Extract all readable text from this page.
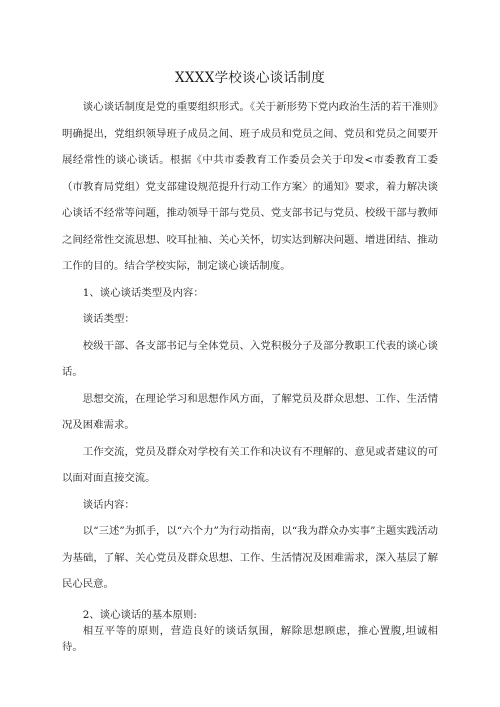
XXXX学校谈心谈话制度

谈心谈话制度是党的重要组织形式。《关于新形势下党内政治生活的若干准则》明确提出，党组织领导班子成员之间、班子成员和党员之间、党员和党员之间要开展经常性的谈心谈话。根据《中共市委教育工作委员会关于印发<市委教育工委（市教育局党组）党支部建设规范提升行动工作方案〉的通知》要求，着力解决谈心谈话不经常等问题，推动领导干部与党员、党支部书记与党员、校级干部与教师之间经常性交流思想、咬耳扯袖、关心关怀，切实达到解决问题、增进团结、推动工作的目的。结合学校实际，制定谈心谈话制度。

1、谈心谈话类型及内容：

谈话类型：

校级干部、各支部书记与全体党员、入党积极分子及部分教职工代表的谈心谈话。

思想交流，在理论学习和思想作风方面，了解党员及群众思想、工作、生活情况及困难需求。

工作交流，党员及群众对学校有关工作和决议有不理解的、意见或者建议的可以面对面直接交流。

谈话内容：

以“三述”为抓手，以“六个力”为行动指南，以“我为群众办实事”主题实践活动为基础，了解、关心党员及群众思想、工作、生活情况及困难需求，深入基层了解民心民意。

2、谈心谈话的基本原则:

相互平等的原则，营造良好的谈话氛围，解除思想顾虑，推心置腹,坦诚相待。
